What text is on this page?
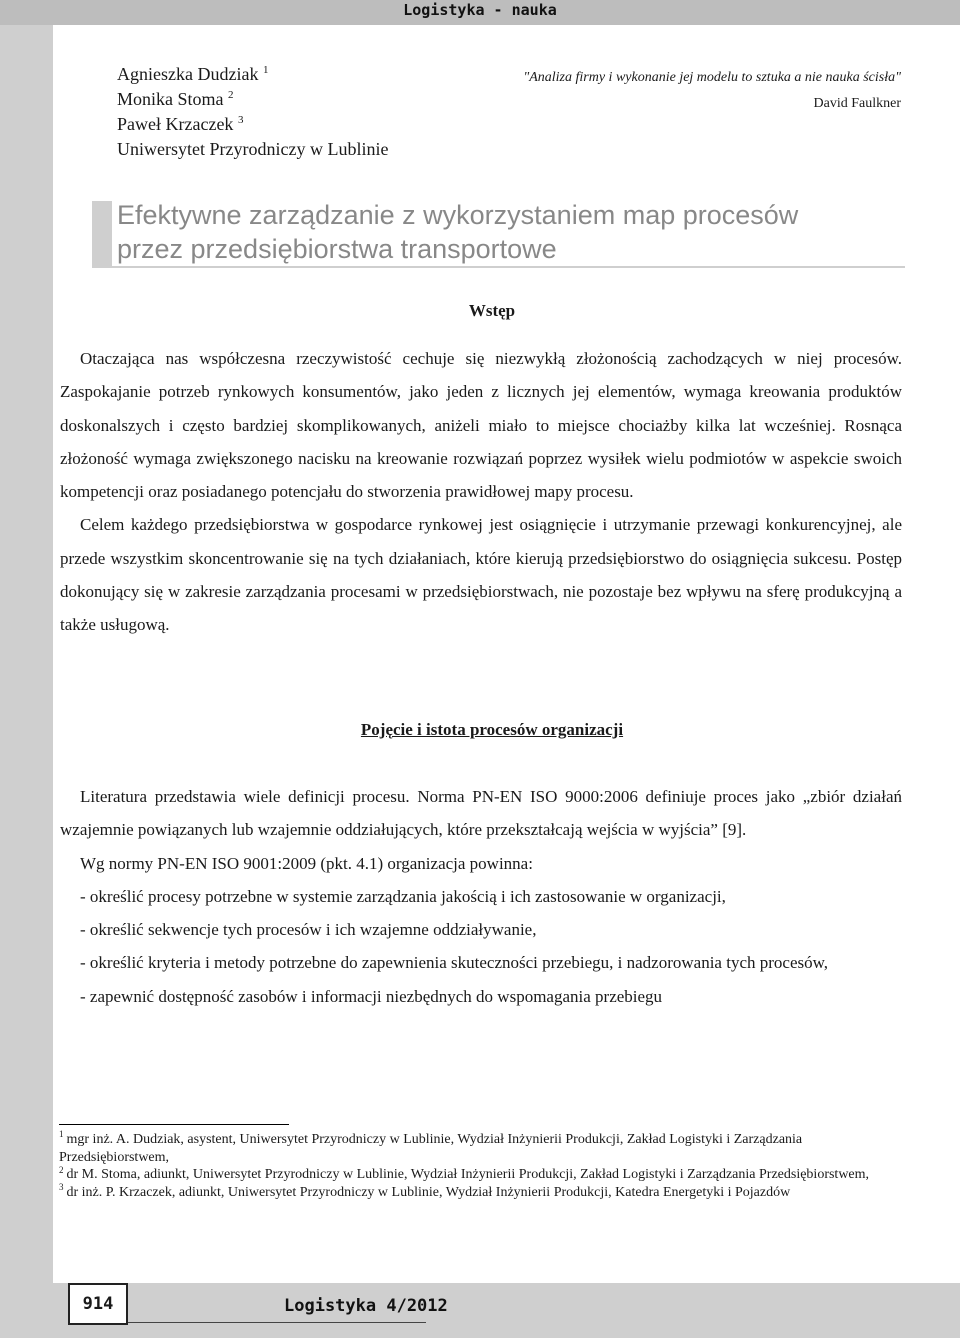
Logistyka - nauka
Agnieszka Dudziak $^1$
Monika Stoma $^2$
Paweł Krzaczek $^3$
Uniwersytet Przyrodniczy w Lublinie
"Analiza firmy i wykonanie jej modelu to sztuka a nie nauka ścisła"
David Faulkner
Efektywne zarządzanie z wykorzystaniem map procesów
przez przedsiębiorstwa transportowe
Wstęp

Otaczająca nas współczesna rzeczywistość cechuje się niezwykłą złożonością zachodzących w niej procesów. Zaspokajanie potrzeb rynkowych konsumentów, jako jeden z licznych jej elementów, wymaga kreowania produktów doskonalszych i często bardziej skomplikowanych, aniżeli miało to miejsce chociażby kilka lat wcześniej. Rosnąca złożoność wymaga zwiększonego nacisku na kreowanie rozwiązań poprzez wysiłek wielu podmiotów w aspekcie swoich kompetencji oraz posiadanego potencjału do stworzenia prawidłowej mapy procesu.

Celem każdego przedsiębiorstwa w gospodarce rynkowej jest osiągnięcie i utrzymanie przewagi konkurencyjnej, ale przede wszystkim skoncentrowanie się na tych działaniach, które kierują przedsiębiorstwo do osiągnięcia sukcesu. Postęp dokonujący się w zakresie zarządzania procesami w przedsiębiorstwach, nie pozostaje bez wpływu na sferę produkcyjną a także usługową.

Pojęcie i istota procesów organizacji

Literatura przedstawia wiele definicji procesu. Norma PN-EN ISO 9000:2006 definiuje proces jako „zbiór działań wzajemnie powiązanych lub wzajemnie oddziałujących, które przekształcają wejścia w wyjścia” [9].

Wg normy PN-EN ISO 9001:2009 (pkt. 4.1) organizacja powinna:

- określić procesy potrzebne w systemie zarządzania jakością i ich zastosowanie w organizacji,

- określić sekwencje tych procesów i ich wzajemne oddziaływanie,

- określić kryteria i metody potrzebne do zapewnienia skuteczności przebiegu, i nadzorowania tych procesów,

- zapewnić dostępność zasobów i informacji niezbędnych do wspomagania przebiegu

$^1$ mgr inż. A. Dudziak, asystent, Uniwersytet Przyrodniczy w Lublinie, Wydział Inżynierii Produkcji, Zakład Logistyki i Zarządzania Przedsiębiorstwem,
$^2$ dr M. Stoma, adiunkt, Uniwersytet Przyrodniczy w Lublinie, Wydział Inżynierii Produkcji, Zakład Logistyki i Zarządzania Przedsiębiorstwem,
$^3$ dr inż. P. Krzaczek, adiunkt, Uniwersytet Przyrodniczy w Lublinie, Wydział Inżynierii Produkcji, Katedra Energetyki i Pojazdów
914	Logistyka 4/2012
